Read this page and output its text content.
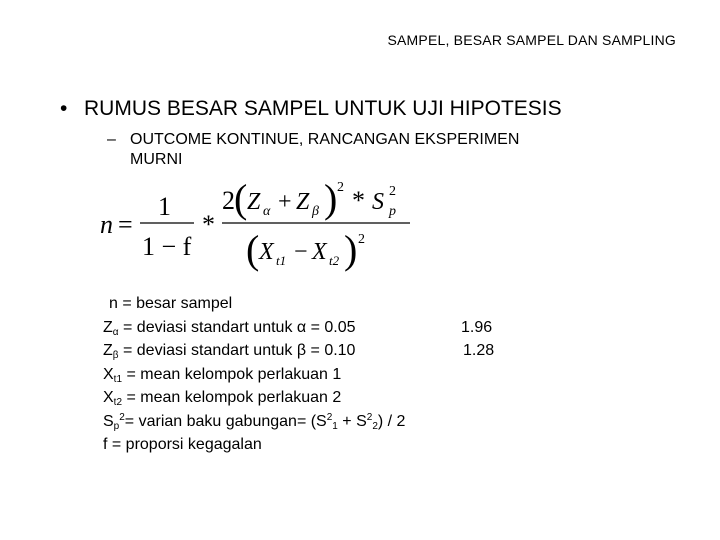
SAMPEL, BESAR SAMPEL DAN SAMPLING
• RUMUS BESAR SAMPEL UNTUK UJI HIPOTESIS
– OUTCOME KONTINUE, RANCANGAN EKSPERIMEN
MURNI
n =
1
1 − f
*
2 ( Z α + Z β ) 2 * S 2
p
( X t1 − X t2 ) 2
n = besar sampel
$Z_\alpha$ = deviasi standart untuk α = 0.05	1.96
$Z_\beta$ = deviasi standart untuk β = 0.10	1.28
$X_{t1}$ = mean kelompok perlakuan 1
$X_{t2}$ = mean kelompok perlakuan 2
$S_p^2=$ varian baku gabungan= $(S^2_1 + S^2_2) / 2$
f = proporsi kegagalan
